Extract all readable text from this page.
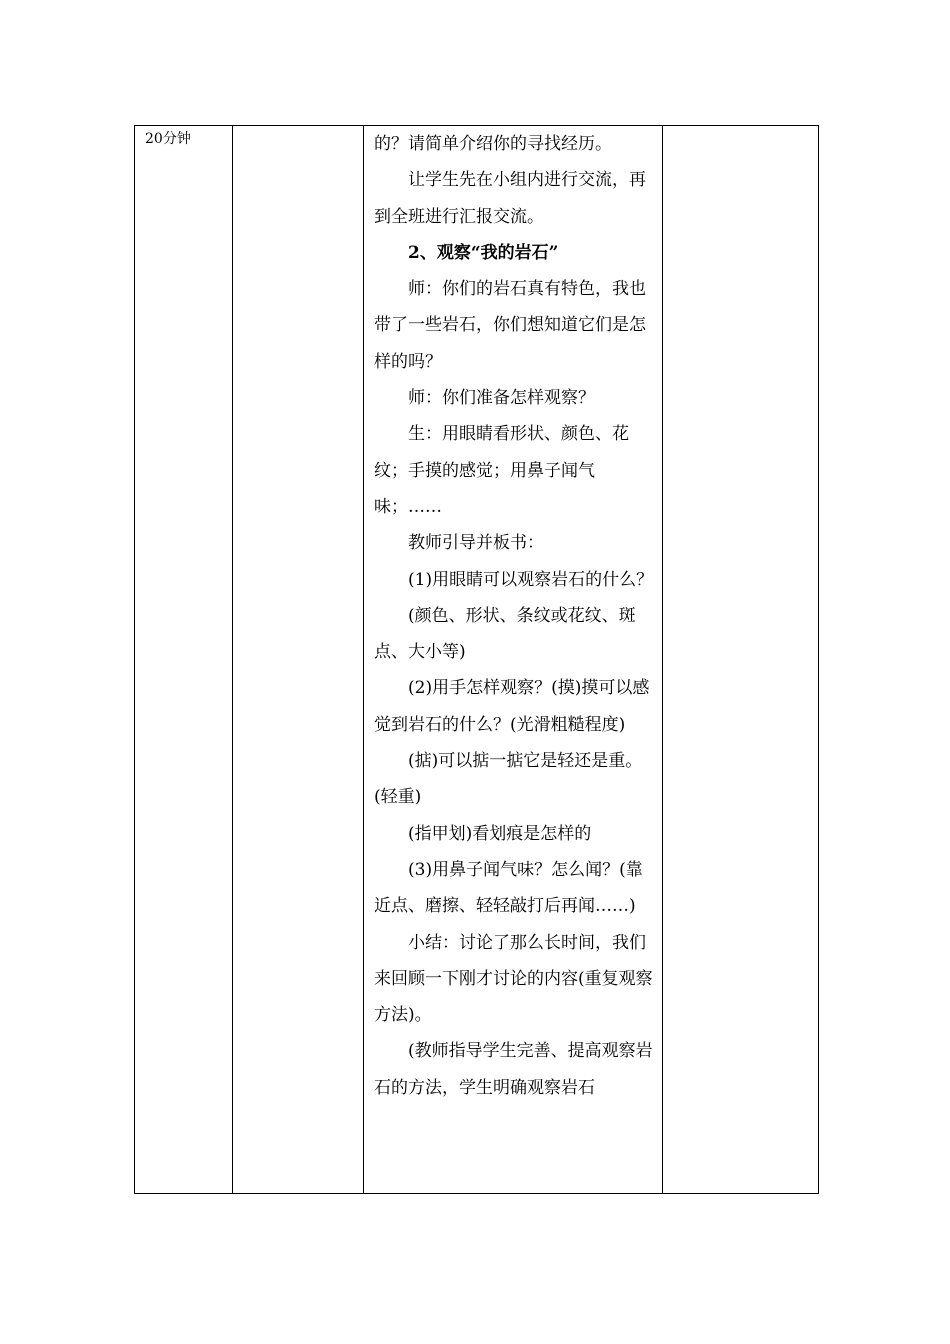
20分钟		的？请简单介绍你的寻找经历。

让学生先在小组内进行交流，再到全班进行汇报交流。

2、观察“我的岩石”

师：你们的岩石真有特色，我也带了一些岩石，你们想知道它们是怎样的吗？

师：你们准备怎样观察？

生：用眼睛看形状、颜色、花纹；手摸的感觉；用鼻子闻气味；……

教师引导并板书：

(1)用眼睛可以观察岩石的什么？

(颜色、形状、条纹或花纹、斑点、大小等)

(2)用手怎样观察？(摸)摸可以感觉到岩石的什么？(光滑粗糙程度)

(掂)可以掂一掂它是轻还是重。(轻重)

(指甲划)看划痕是怎样的

(3)用鼻子闻气味？怎么闻？(靠近点、磨擦、轻轻敲打后再闻……)

小结：讨论了那么长时间，我们来回顾一下刚才讨论的内容(重复观察方法)。

(教师指导学生完善、提高观察岩石的方法，学生明确观察岩石
